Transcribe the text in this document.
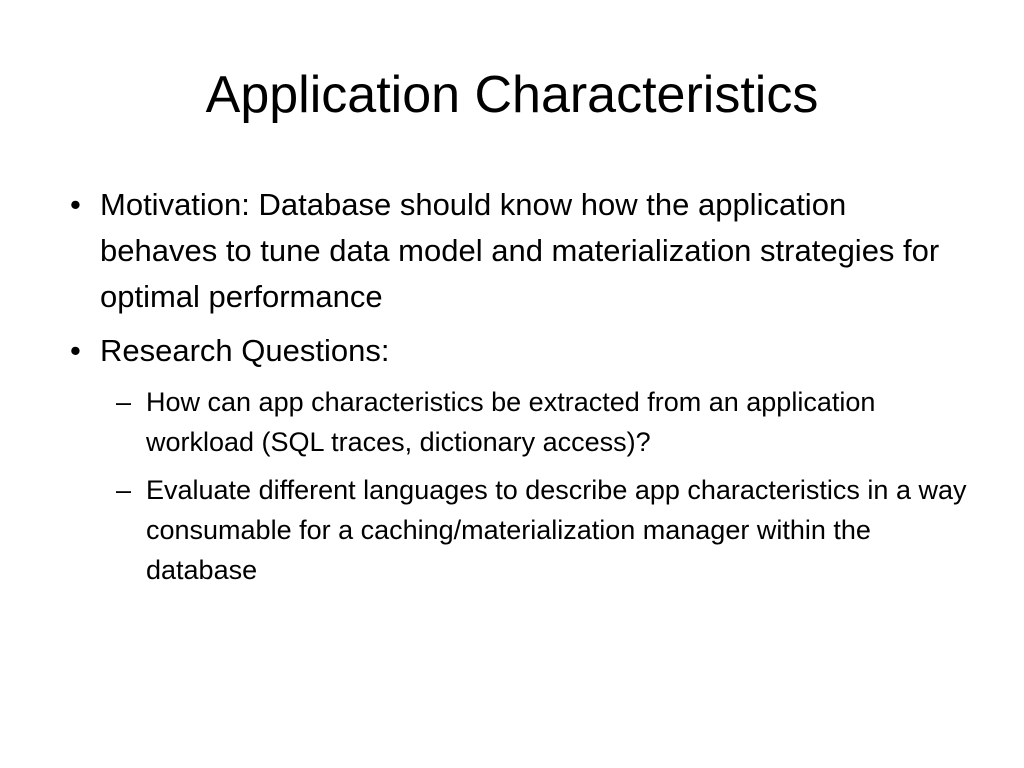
Application Characteristics
• Motivation: Database should know how the application behaves to tune data model and materialization strategies for optimal performance
• Research Questions:
– How can app characteristics be extracted from an application workload (SQL traces, dictionary access)?
– Evaluate different languages to describe app characteristics in a way consumable for a caching/materialization manager within the database
